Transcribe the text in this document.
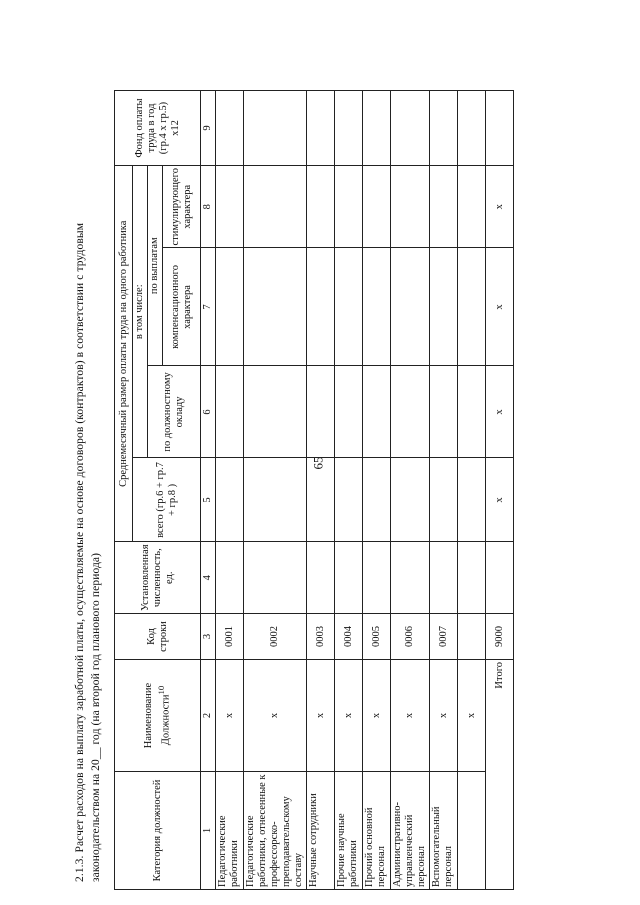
65
2.1.3. Расчет расходов на выплату заработной платы, осуществляемые на основе договоров (контрактов) в соответствии с трудовым законодательством на 20__ год (на второй год планового периода)	Категория должностей	Наименование Должности$^{10}$	Код строки	Установленная численность, ед.	Среднемесячный размер оплаты труда на одного работника				Фонд оплаты труда в год (гр.4 х гр.5) х12
				всего (гр.6 + гр.7 + гр.8 )	в том числе:			
					по должностному окладу	по выплатам		
						компенсационного характера	стимулирующего характера	
1	2	3	4	5	6	7	8	9
Педагогические работники	х	0001						
Педагогические работники, отнесенные к профессорско-преподавательскому составу	х	0002						
Научные сотрудники	х	0003						
Прочие научные работники	х	0004						
Прочий основной персонал	х	0005						
Административно-управленческий персонал	х	0006						
Вспомогательный персонал	х	0007						
	х							
Итого		9000		х	х	х	х	
